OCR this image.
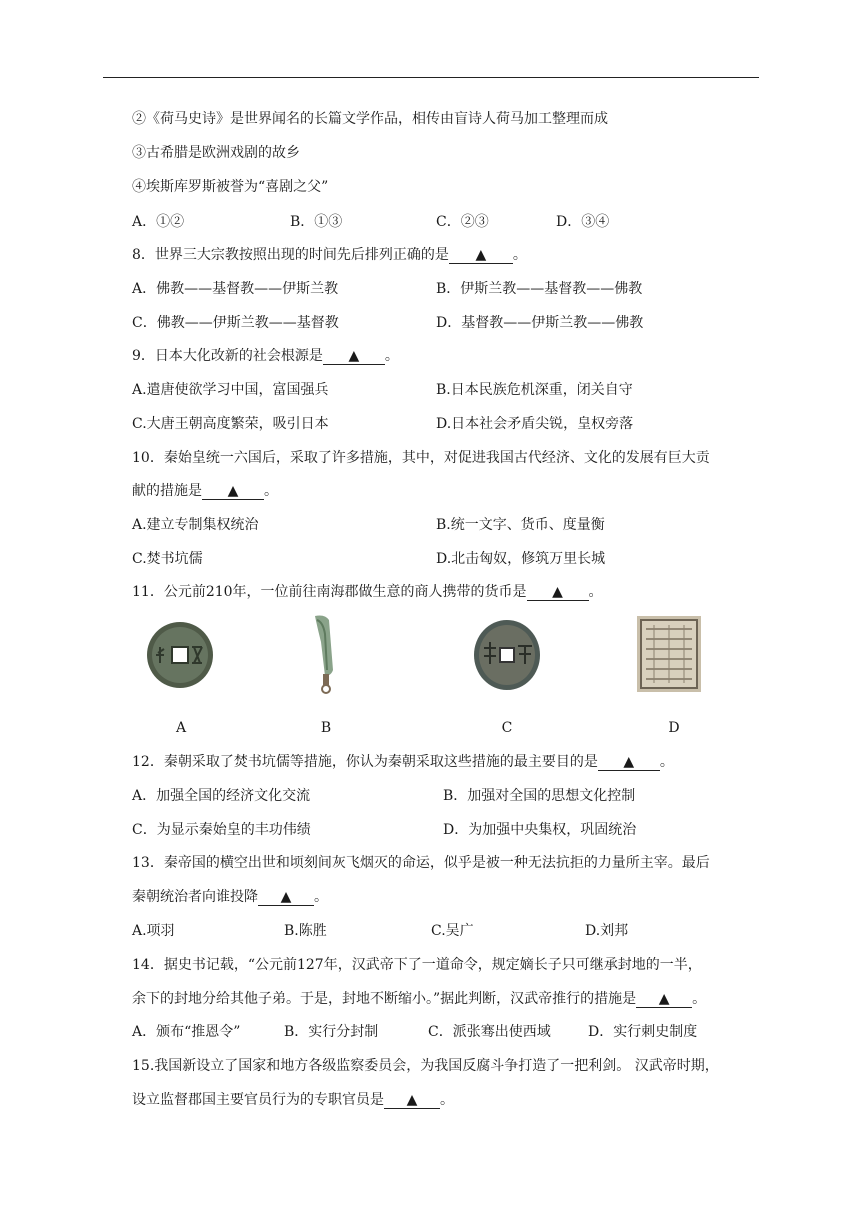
②《荷马史诗》是世界闻名的长篇文学作品，相传由盲诗人荷马加工整理而成
③古希腊是欧洲戏剧的故乡
④埃斯库罗斯被誉为“喜剧之父”
A．①②	B．①③	C．②③	D．③④
8．世界三大宗教按照出现的时间先后排列正确的是 ▲ 。
A．佛教——基督教——伊斯兰教	B．伊斯兰教——基督教——佛教
C．佛教——伊斯兰教——基督教	D．基督教——伊斯兰教——佛教
9．日本大化改新的社会根源是 ▲ 。
A.遣唐使欲学习中国，富国强兵	B.日本民族危机深重，闭关自守
C.大唐王朝高度繁荣，吸引日本	D.日本社会矛盾尖锐，皇权旁落
10．秦始皇统一六国后，采取了许多措施，其中，对促进我国古代经济、文化的发展有巨大贡
献的措施是 ▲ 。
A.建立专制集权统治	B.统一文字、货币、度量衡
C.焚书坑儒	D.北击匈奴，修筑万里长城
11．公元前210年，一位前往南海郡做生意的商人携带的货币是 ▲ 。
A	B	C	D
12．秦朝采取了焚书坑儒等措施，你认为秦朝采取这些措施的最主要目的是 ▲ 。
A．加强全国的经济文化交流	B．加强对全国的思想文化控制
C．为显示秦始皇的丰功伟绩	D．为加强中央集权，巩固统治
13．秦帝国的横空出世和顷刻间灰飞烟灭的命运，似乎是被一种无法抗拒的力量所主宰。最后
秦朝统治者向谁投降 ▲ 。
A.项羽	B.陈胜	C.吴广	D.刘邦
14．据史书记载，“公元前127年，汉武帝下了一道命令，规定嫡长子只可继承封地的一半，
余下的封地分给其他子弟。于是，封地不断缩小。”据此判断，汉武帝推行的措施是 ▲ 。
A．颁布“推恩令”	B．实行分封制	C．派张骞出使西域	D．实行刺史制度
15.我国新设立了国家和地方各级监察委员会，为我国反腐斗争打造了一把利剑。 汉武帝时期，
设立监督郡国主要官员行为的专职官员是 ▲ 。
